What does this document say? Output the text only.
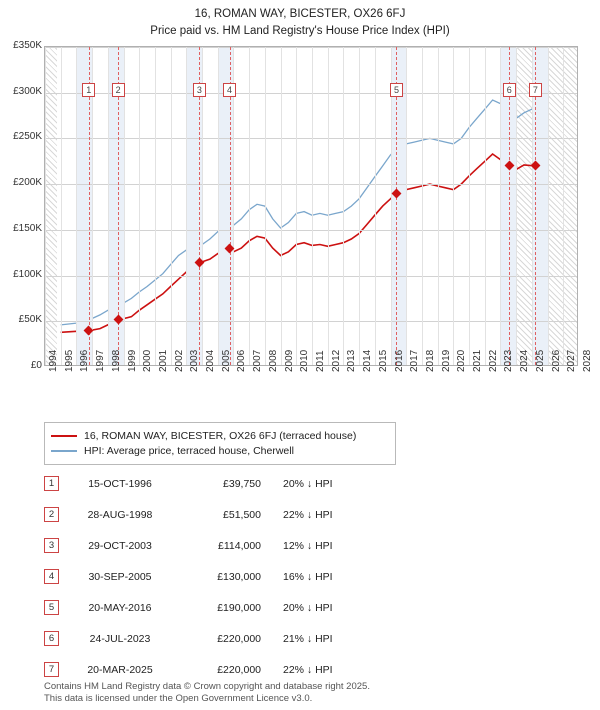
16, ROMAN WAY, BICESTER, OX26 6FJ
Price paid vs. HM Land Registry's House Price Index (HPI)
1	2	3	4	5	6	7
£0
£50K
£100K
£150K
£200K
£250K
£300K
£350K
1994 1995 1996 1997 1998 1999 2000 2001 2002 2003 2004 2005 2006 2007 2008 2009 2010 2011 2012 2013 2014 2015 2016 2017 2018 2019 2020 2021 2022 2023 2024 2025 2026 2027 2028
16, ROMAN WAY, BICESTER, OX26 6FJ (terraced house)
HPI: Average price, terraced house, Cherwell
1	15-OCT-1996	£39,750	20% ↓ HPI
2	28-AUG-1998	£51,500	22% ↓ HPI
3	29-OCT-2003	£114,000	12% ↓ HPI
4	30-SEP-2005	£130,000	16% ↓ HPI
5	20-MAY-2016	£190,000	20% ↓ HPI
6	24-JUL-2023	£220,000	21% ↓ HPI
7	20-MAR-2025	£220,000	22% ↓ HPI
Contains HM Land Registry data © Crown copyright and database right 2025.
This data is licensed under the Open Government Licence v3.0.
